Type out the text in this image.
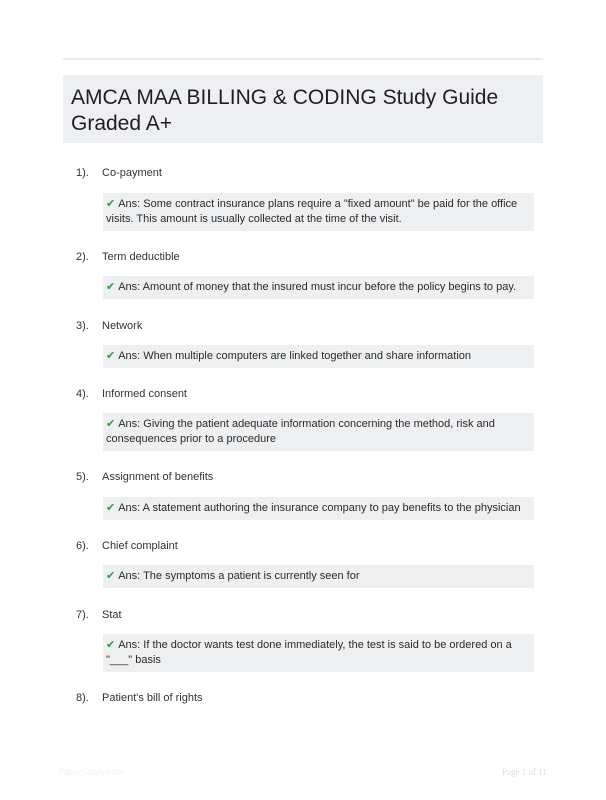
AMCA MAA BILLING & CODING Study Guide Graded A+
1). Co-payment
✔ Ans: Some contract insurance plans require a "fixed amount" be paid for the office visits. This amount is usually collected at the time of the visit.
2). Term deductible
✔ Ans: Amount of money that the insured must incur before the policy begins to pay.
3). Network
✔ Ans: When multiple computers are linked together and share information
4). Informed consent
✔ Ans: Giving the patient adequate information concerning the method, risk and consequences prior to a procedure
5). Assignment of benefits
✔ Ans: A statement authoring the insurance company to pay benefits to the physician
6). Chief complaint
✔ Ans: The symptoms a patient is currently seen for
7). Stat
✔ Ans: If the doctor wants test done immediately, the test is said to be ordered on a "___" basis
8). Patient's bill of rights
PaperStudy.com	Page 1 of 11
